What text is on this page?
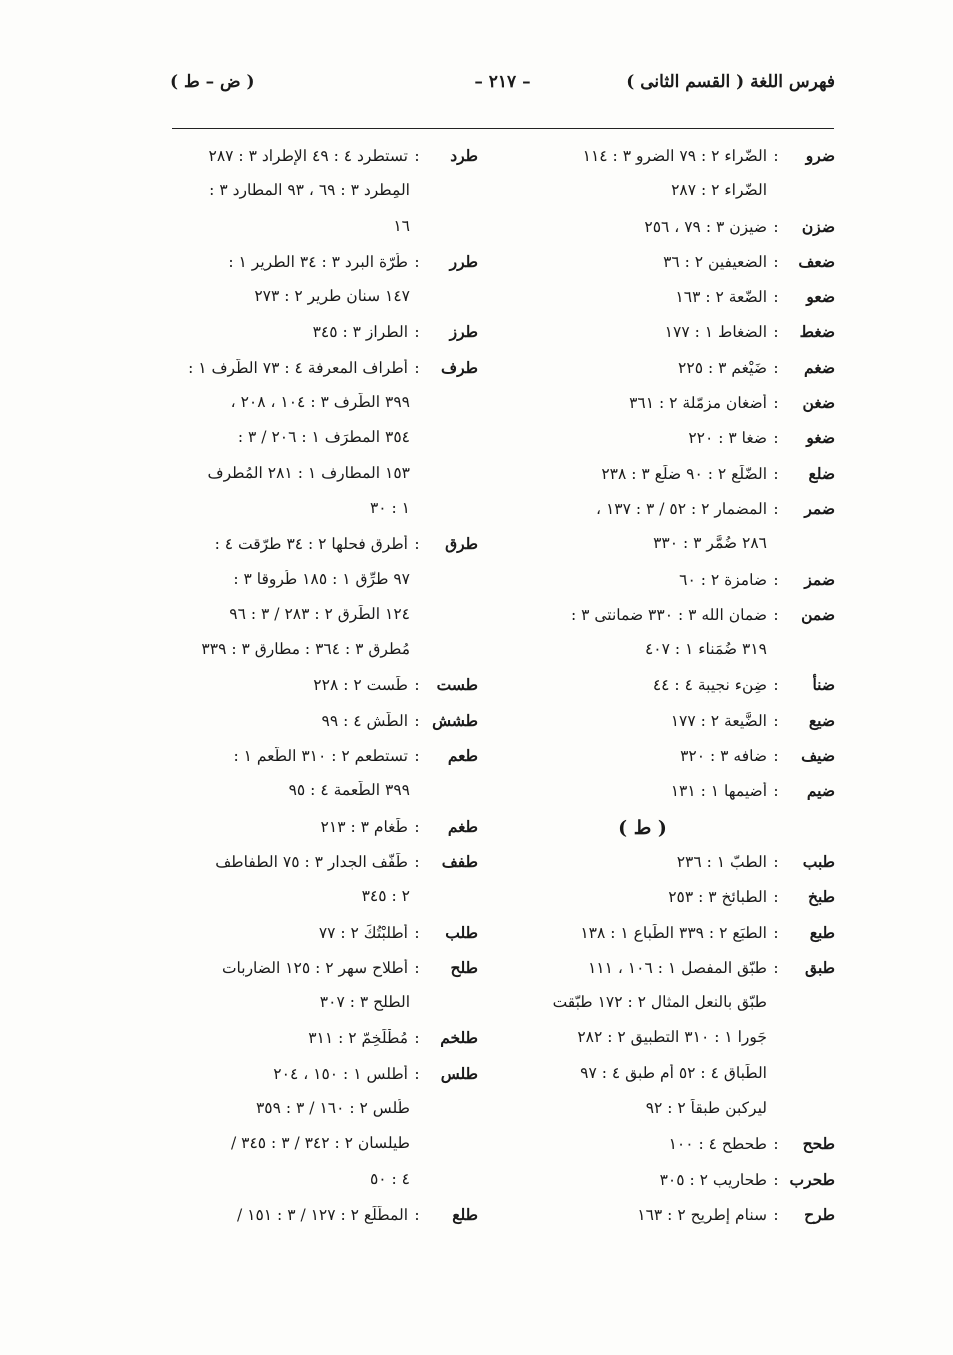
فهرس اللغة ( القسم الثانى )
– ٢١٧ –
( ض – ط )
ضرو
:
الضّراء ٢ : ٧٩ الضرو ٣ : ١١٤
الضّراء ٢ : ٢٨٧
ضزن
:
ضيزن ٣ : ٧٩ ، ٢٥٦
ضعف
:
الضعيفين ٢ : ٣٦
ضعو
:
الضّعة ٢ : ١٦٣
ضغط
:
الضغاط ١ : ١٧٧
ضغم
:
ضَيْغم ٣ : ٢٢٥
ضغن
:
أضغان مزمّلة ٢ : ٣٦١
ضغو
:
ضغا ٣ : ٢٢٠
ضلع
:
الضّلَع ٢ : ٩٠ ضلَع ٣ : ٢٣٨
ضمر
:
المضمار ٢ : ٥٢ / ٣ : ١٣٧ ،
٢٨٦ ضُمَّر ٣ : ٣٣٠
ضمز
:
ضامزة ٢ : ٦٠
ضمن
:
ضمان الله ٣ : ٣٣٠ ضمانتى ٣ :
٣١٩ ضُمَناء ١ : ٤٠٧
ضنأ
:
ضِنء نجيبة ٤ : ٤٤
ضيع
:
الضَّيعة ٢ : ١٧٧
ضيف
:
ضافه ٣ : ٣٢٠
ضيم
:
أضيمها ١ : ١٣١
( ط )
طبب
:
الطبّ ١ : ٢٣٦
طبخ
:
الطبائخ ٣ : ٢٥٣
طبع
:
الطبَع ٢ : ٣٣٩ الطِّباع ١ : ١٣٨
طبق
:
طبّق المفصل ١ : ١٠٦ ، ١١١
طبّق بالنعل المثال ٢ : ١٧٢ طبّقت
جَورا ١ : ٣١٠ التطبيق ٢ : ٢٨٢
الطِّباق ٤ : ٥٢ أم طبق ٤ : ٩٧
ليركبن طبقاً ٢ : ٩٢
طحح
:
طحطح ٤ : ١٠٠
طحرب
:
طحاريب ٢ : ٣٠٥
طرح
:
سنام إطريح ٢ : ١٦٣
طرد
:
تستطرد ٤ : ٤٩ الإطراد ٣ : ٢٨٧
المِطرد ٣ : ٦٩ ، ٩٣ المطارد ٣ :
١٦
طرر
:
طُرّة البرد ٣ : ٣٤ الطرير ١ :
١٤٧ سنان طرير ٢ : ٢٧٣
طرز
:
الطراز ٣ : ٣٤٥
طرف
:
أطراف المعرفة ٤ : ٧٣ الطَّرف ١ :
٣٩٩ الطَّرف ٣ : ١٠٤ ، ٢٠٨ ،
٣٥٤ المطرَف ١ : ٢٠٦ / ٣ :
١٥٣ المطارف ١ : ٢٨١ المُطرِف
١ : ٣٠
طرق
:
أطرق فحلها ٢ : ٣٤ طرّقت ٤ :
٩٧ طرِّق ١ : ١٨٥ طُروقا ٣ :
١٢٤ الطِّرق ٢ : ٢٨٣ / ٣ : ٩٦
مُطرِق ٣ : ٣٦٤ : مطارق ٣ : ٣٣٩
طست
:
طَست ٢ : ٢٢٨
طشش
:
الطَّش ٤ : ٩٩
طعم
:
تستطعم ٢ : ٣١٠ الطُّعم ١ :
٣٩٩ الطُّعمة ٤ : ٩٥
طغم
:
طَغام ٣ : ٢١٣
طفف
:
طَفّف الجدار ٣ : ٧٥ الطفاطف
٢ : ٣٤٥
طلب
:
أطلبْتُكَ ٢ : ٧٧
طلح
:
أطلاح سهر ٢ : ١٢٥ الضاربات
الطلح ٣ : ٣٠٧
طلخم
:
مُطْلَخِمّ ٢ : ٣١١
طلس
:
أطلس ١ : ١٥٠ ، ٢٠٤
طُلس ٢ : ١٦٠ / ٣ : ٣٥٩
طيلسان ٢ : ٣٤٢ / ٣ : ٣٤٥ /
٤ : ٥٠
طلع
:
المطَّلَع ٢ : ١٢٧ / ٣ : ١٥١ /
